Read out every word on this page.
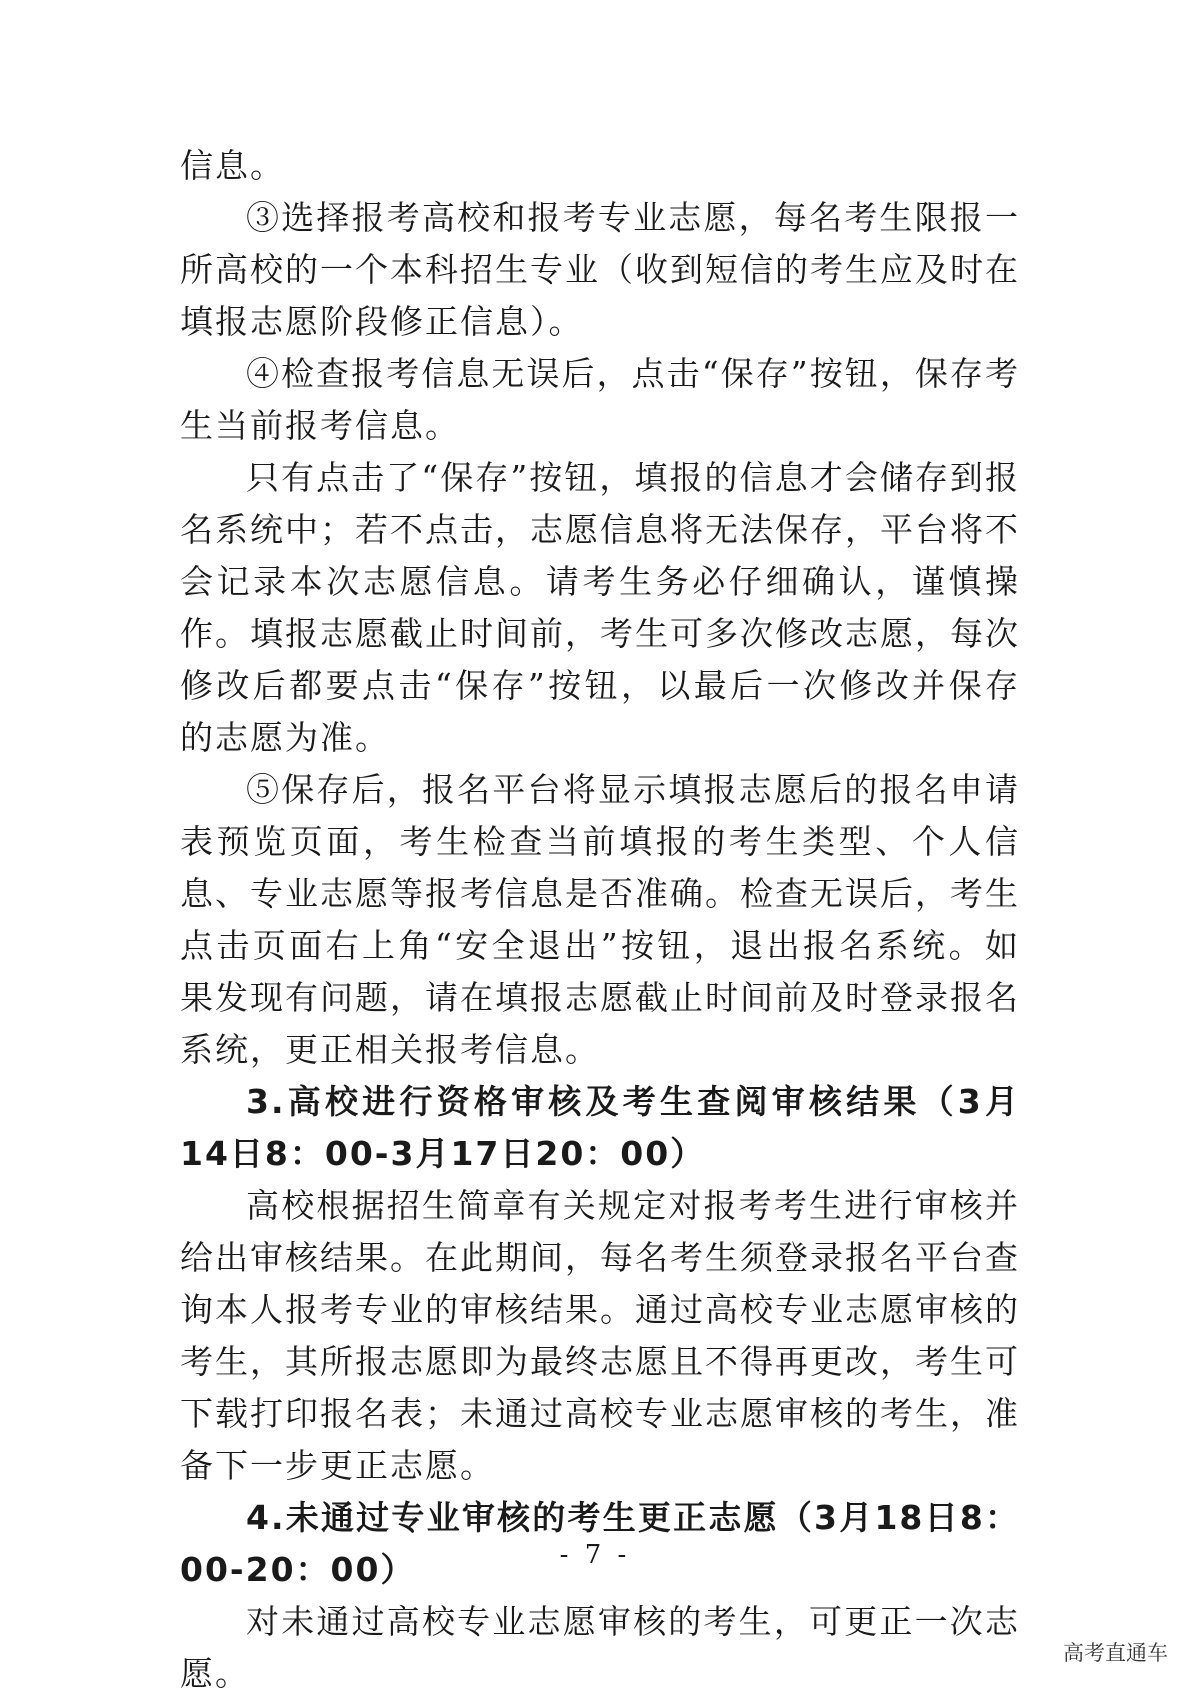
信息。

③选择报考高校和报考专业志愿，每名考生限报一所高校的一个本科招生专业（收到短信的考生应及时在填报志愿阶段修正信息）。

④检查报考信息无误后，点击“保存”按钮，保存考生当前报考信息。

只有点击了“保存”按钮，填报的信息才会储存到报名系统中；若不点击，志愿信息将无法保存，平台将不会记录本次志愿信息。请考生务必仔细确认，谨慎操作。填报志愿截止时间前，考生可多次修改志愿，每次修改后都要点击“保存”按钮，以最后一次修改并保存的志愿为准。

⑤保存后，报名平台将显示填报志愿后的报名申请表预览页面，考生检查当前填报的考生类型、个人信息、专业志愿等报考信息是否准确。检查无误后，考生点击页面右上角“安全退出”按钮，退出报名系统。如果发现有问题，请在填报志愿截止时间前及时登录报名系统，更正相关报考信息。

3.高校进行资格审核及考生查阅审核结果（3月14日8：00-3月17日20：00）

高校根据招生简章有关规定对报考考生进行审核并给出审核结果。在此期间，每名考生须登录报名平台查询本人报考专业的审核结果。通过高校专业志愿审核的考生，其所报志愿即为最终志愿且不得再更改，考生可下载打印报名表；未通过高校专业志愿审核的考生，准备下一步更正志愿。

4.未通过专业审核的考生更正志愿（3月18日8：00-20：00）

对未通过高校专业志愿审核的考生，可更正一次志愿。

- 7 -
高考直通车
